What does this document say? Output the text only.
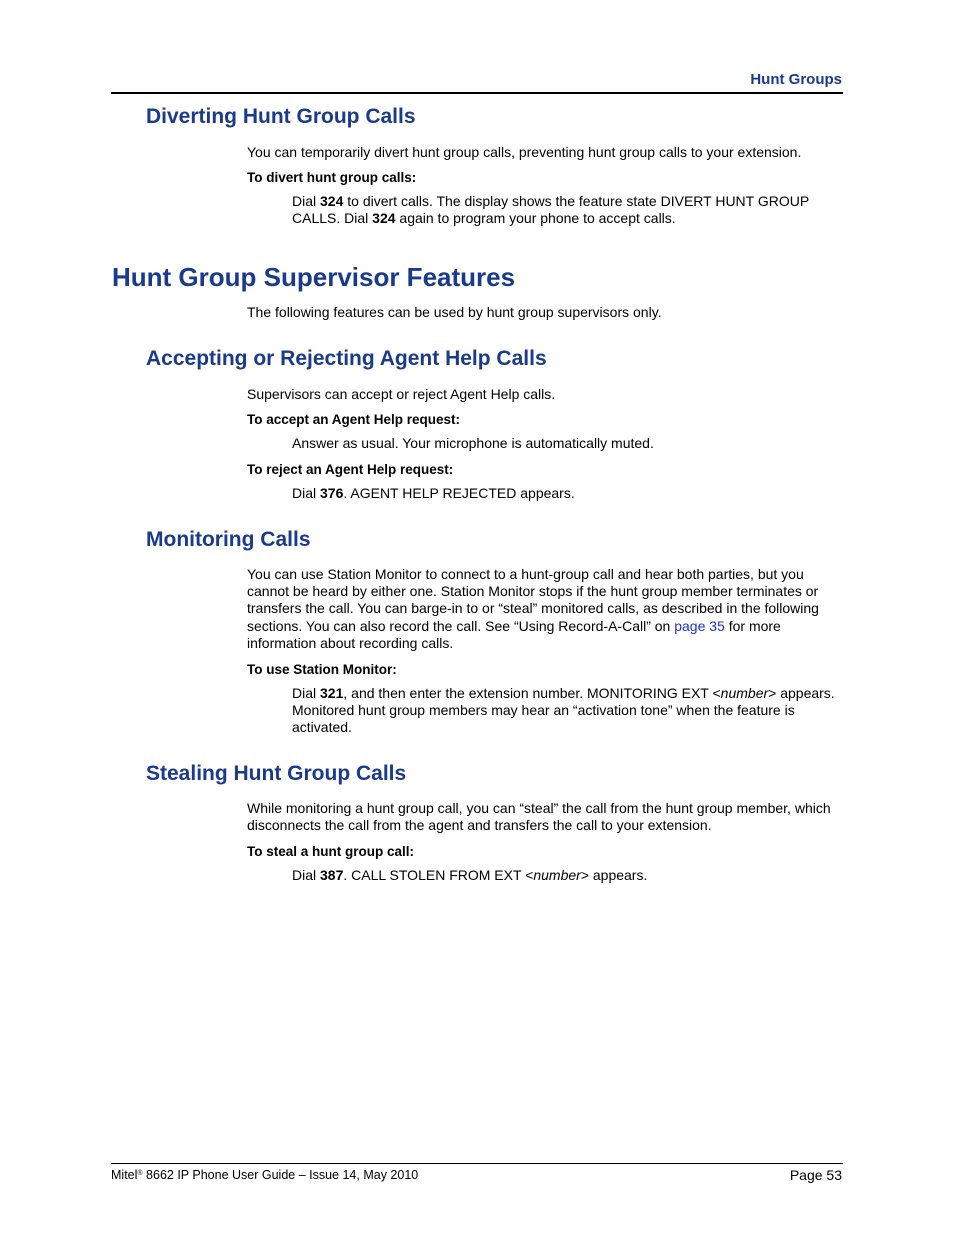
Hunt Groups
Diverting Hunt Group Calls

You can temporarily divert hunt group calls, preventing hunt group calls to your extension.

To divert hunt group calls:

Dial 324 to divert calls. The display shows the feature state DIVERT HUNT GROUP CALLS. Dial 324 again to program your phone to accept calls.

Hunt Group Supervisor Features

The following features can be used by hunt group supervisors only.

Accepting or Rejecting Agent Help Calls

Supervisors can accept or reject Agent Help calls.

To accept an Agent Help request:

Answer as usual. Your microphone is automatically muted.

To reject an Agent Help request:

Dial 376. AGENT HELP REJECTED appears.

Monitoring Calls

You can use Station Monitor to connect to a hunt-group call and hear both parties, but you cannot be heard by either one. Station Monitor stops if the hunt group member terminates or transfers the call. You can barge-in to or “steal” monitored calls, as described in the following sections. You can also record the call. See “Using Record-A-Call” on page 35 for more information about recording calls.

To use Station Monitor:

Dial 321, and then enter the extension number. MONITORING EXT <number> appears. Monitored hunt group members may hear an “activation tone” when the feature is activated.

Stealing Hunt Group Calls

While monitoring a hunt group call, you can “steal” the call from the hunt group member, which disconnects the call from the agent and transfers the call to your extension.

To steal a hunt group call:

Dial 387. CALL STOLEN FROM EXT <number> appears.

Mitel® 8662 IP Phone User Guide – Issue 14, May 2010	Page 53
